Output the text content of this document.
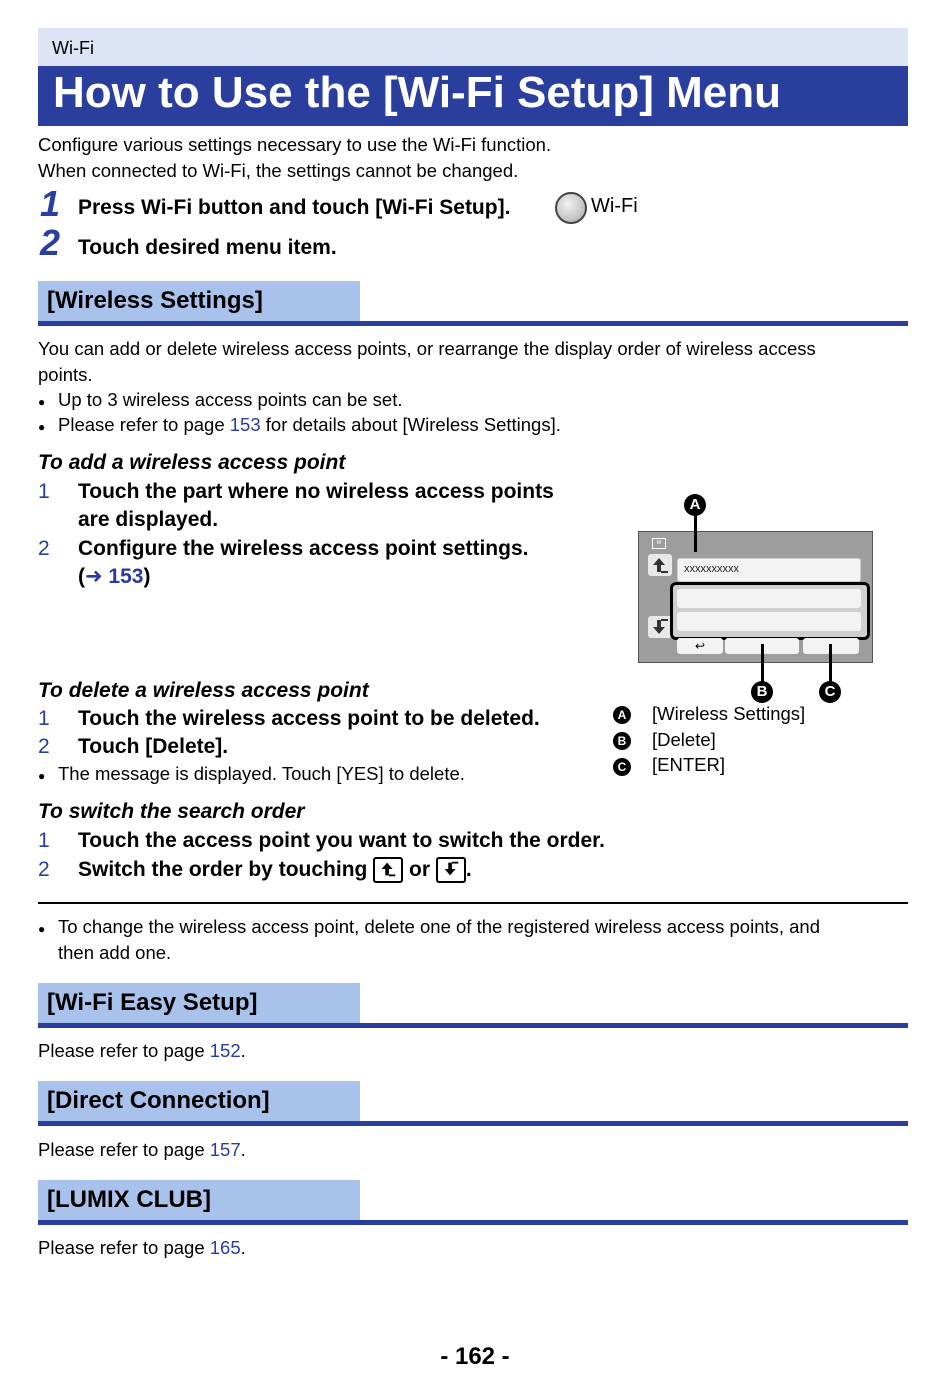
Wi-Fi
How to Use the [Wi-Fi Setup] Menu
Configure various settings necessary to use the Wi-Fi function.
When connected to Wi-Fi, the settings cannot be changed.
1 Press Wi-Fi button and touch [Wi-Fi Setup].	Wi-Fi
2 Touch desired menu item.
[Wireless Settings]
You can add or delete wireless access points, or rearrange the display order of wireless access
points.
● Up to 3 wireless access points can be set.
● Please refer to page 153 for details about [Wireless Settings].
To add a wireless access point
1 Touch the part where no wireless access points
are displayed.
2 Configure the wireless access point settings.
(➜ 153)
W
xxxxxxxxxx
↩
A
B	C
A [Wireless Settings]
B [Delete]
C [ENTER]
To delete a wireless access point
1 Touch the wireless access point to be deleted.
2 Touch [Delete].
● The message is displayed. Touch [YES] to delete.
To switch the search order
1 Touch the access point you want to switch the order.
2 Switch the order by touching or .
● To change the wireless access point, delete one of the registered wireless access points, and
then add one.
[Wi-Fi Easy Setup]
Please refer to page 152.
[Direct Connection]
Please refer to page 157.
[LUMIX CLUB]
Please refer to page 165.
- 162 -
